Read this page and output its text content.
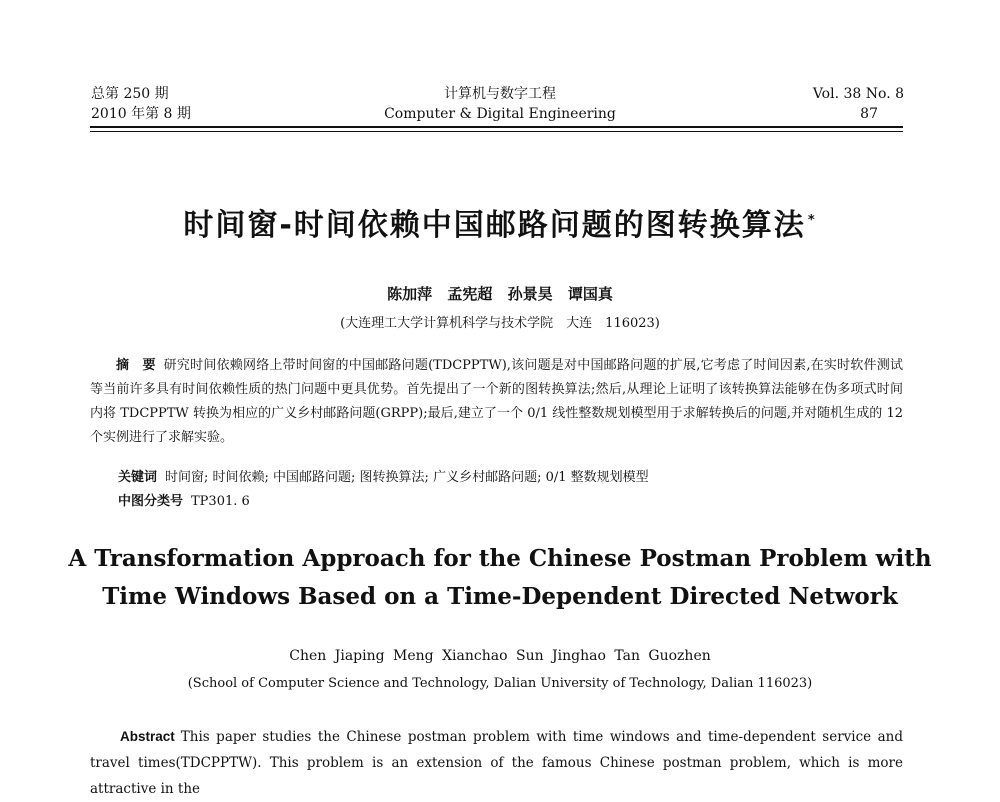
总第 250 期
2010 年第 8 期
计算机与数字工程
Computer & Digital Engineering
Vol. 38 No. 8
87
时间窗-时间依赖中国邮路问题的图转换算法 *
陈加萍 孟宪超 孙景昊 谭国真
(大连理工大学计算机科学与技术学院　大连　116023)

摘　要 研究时间依赖网络上带时间窗的中国邮路问题(TDCPPTW),该问题是对中国邮路问题的扩展,它考虑了时间因素,在实时软件测试等当前许多具有时间依赖性质的热门问题中更具优势。首先提出了一个新的图转换算法;然后,从理论上证明了该转换算法能够在伪多项式时间内将 TDCPPTW 转换为相应的广义乡村邮路问题(GRPP);最后,建立了一个 0/1 线性整数规划模型用于求解转换后的问题,并对随机生成的 12 个实例进行了求解实验。

关键词 时间窗; 时间依赖; 中国邮路问题; 图转换算法; 广义乡村邮路问题; 0/1 整数规划模型
中图分类号 TP301. 6
A Transformation Approach for the Chinese Postman Problem with
Time Windows Based on a Time-Dependent Directed Network
Chen Jiaping Meng Xianchao Sun Jinghao Tan Guozhen
(School of Computer Science and Technology, Dalian University of Technology, Dalian 116023)

Abstract This paper studies the Chinese postman problem with time windows and time-dependent service and travel times(TDCPPTW). This problem is an extension of the famous Chinese postman problem, which is more attractive in the
